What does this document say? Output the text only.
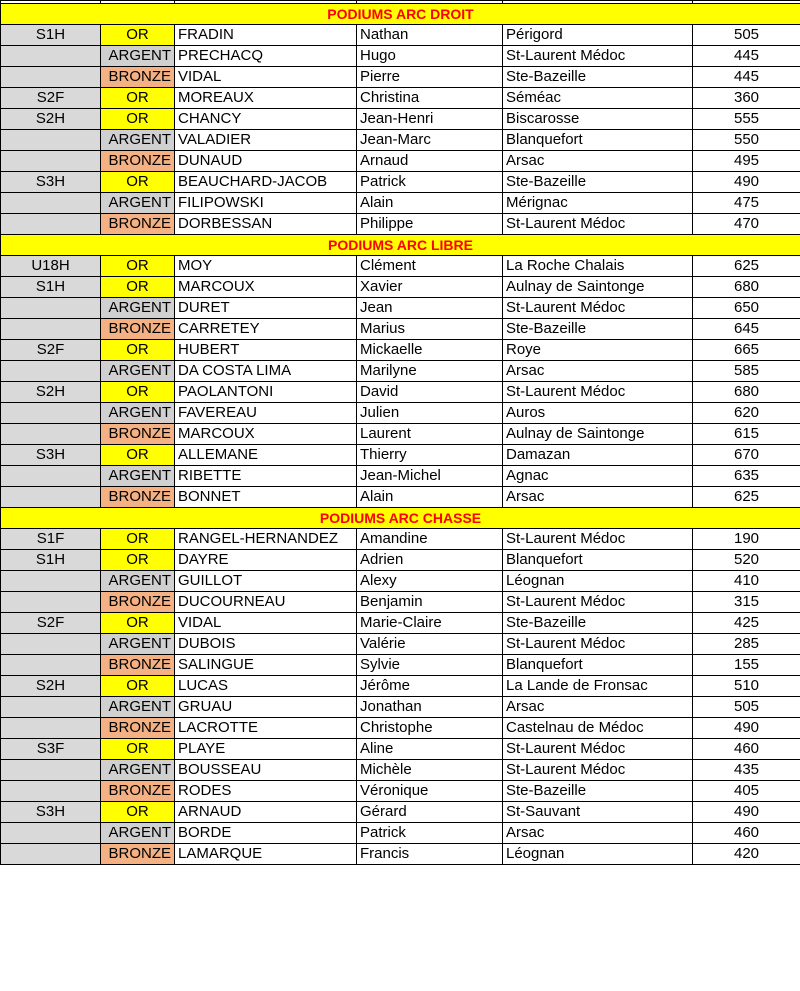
PODIUMS ARC DROIT					
S1H	OR	FRADIN	Nathan	Périgord	505
	ARGENT	PRECHACQ	Hugo	St-Laurent Médoc	445
	BRONZE	VIDAL	Pierre	Ste-Bazeille	445
S2F	OR	MOREAUX	Christina	Séméac	360
S2H	OR	CHANCY	Jean-Henri	Biscarosse	555
	ARGENT	VALADIER	Jean-Marc	Blanquefort	550
	BRONZE	DUNAUD	Arnaud	Arsac	495
S3H	OR	BEAUCHARD-JACOB	Patrick	Ste-Bazeille	490
	ARGENT	FILIPOWSKI	Alain	Mérignac	475
	BRONZE	DORBESSAN	Philippe	St-Laurent Médoc	470
PODIUMS ARC LIBRE					
U18H	OR	MOY	Clément	La Roche Chalais	625
S1H	OR	MARCOUX	Xavier	Aulnay de Saintonge	680
	ARGENT	DURET	Jean	St-Laurent Médoc	650
	BRONZE	CARRETEY	Marius	Ste-Bazeille	645
S2F	OR	HUBERT	Mickaelle	Roye	665
	ARGENT	DA COSTA LIMA	Marilyne	Arsac	585
S2H	OR	PAOLANTONI	David	St-Laurent Médoc	680
	ARGENT	FAVEREAU	Julien	Auros	620
	BRONZE	MARCOUX	Laurent	Aulnay de Saintonge	615
S3H	OR	ALLEMANE	Thierry	Damazan	670
	ARGENT	RIBETTE	Jean-Michel	Agnac	635
	BRONZE	BONNET	Alain	Arsac	625
PODIUMS ARC CHASSE					
S1F	OR	RANGEL-HERNANDEZ	Amandine	St-Laurent Médoc	190
S1H	OR	DAYRE	Adrien	Blanquefort	520
	ARGENT	GUILLOT	Alexy	Léognan	410
	BRONZE	DUCOURNEAU	Benjamin	St-Laurent Médoc	315
S2F	OR	VIDAL	Marie-Claire	Ste-Bazeille	425
	ARGENT	DUBOIS	Valérie	St-Laurent Médoc	285
	BRONZE	SALINGUE	Sylvie	Blanquefort	155
S2H	OR	LUCAS	Jérôme	La Lande de Fronsac	510
	ARGENT	GRUAU	Jonathan	Arsac	505
	BRONZE	LACROTTE	Christophe	Castelnau de Médoc	490
S3F	OR	PLAYE	Aline	St-Laurent Médoc	460
	ARGENT	BOUSSEAU	Michèle	St-Laurent Médoc	435
	BRONZE	RODES	Véronique	Ste-Bazeille	405
S3H	OR	ARNAUD	Gérard	St-Sauvant	490
	ARGENT	BORDE	Patrick	Arsac	460
	BRONZE	LAMARQUE	Francis	Léognan	420
